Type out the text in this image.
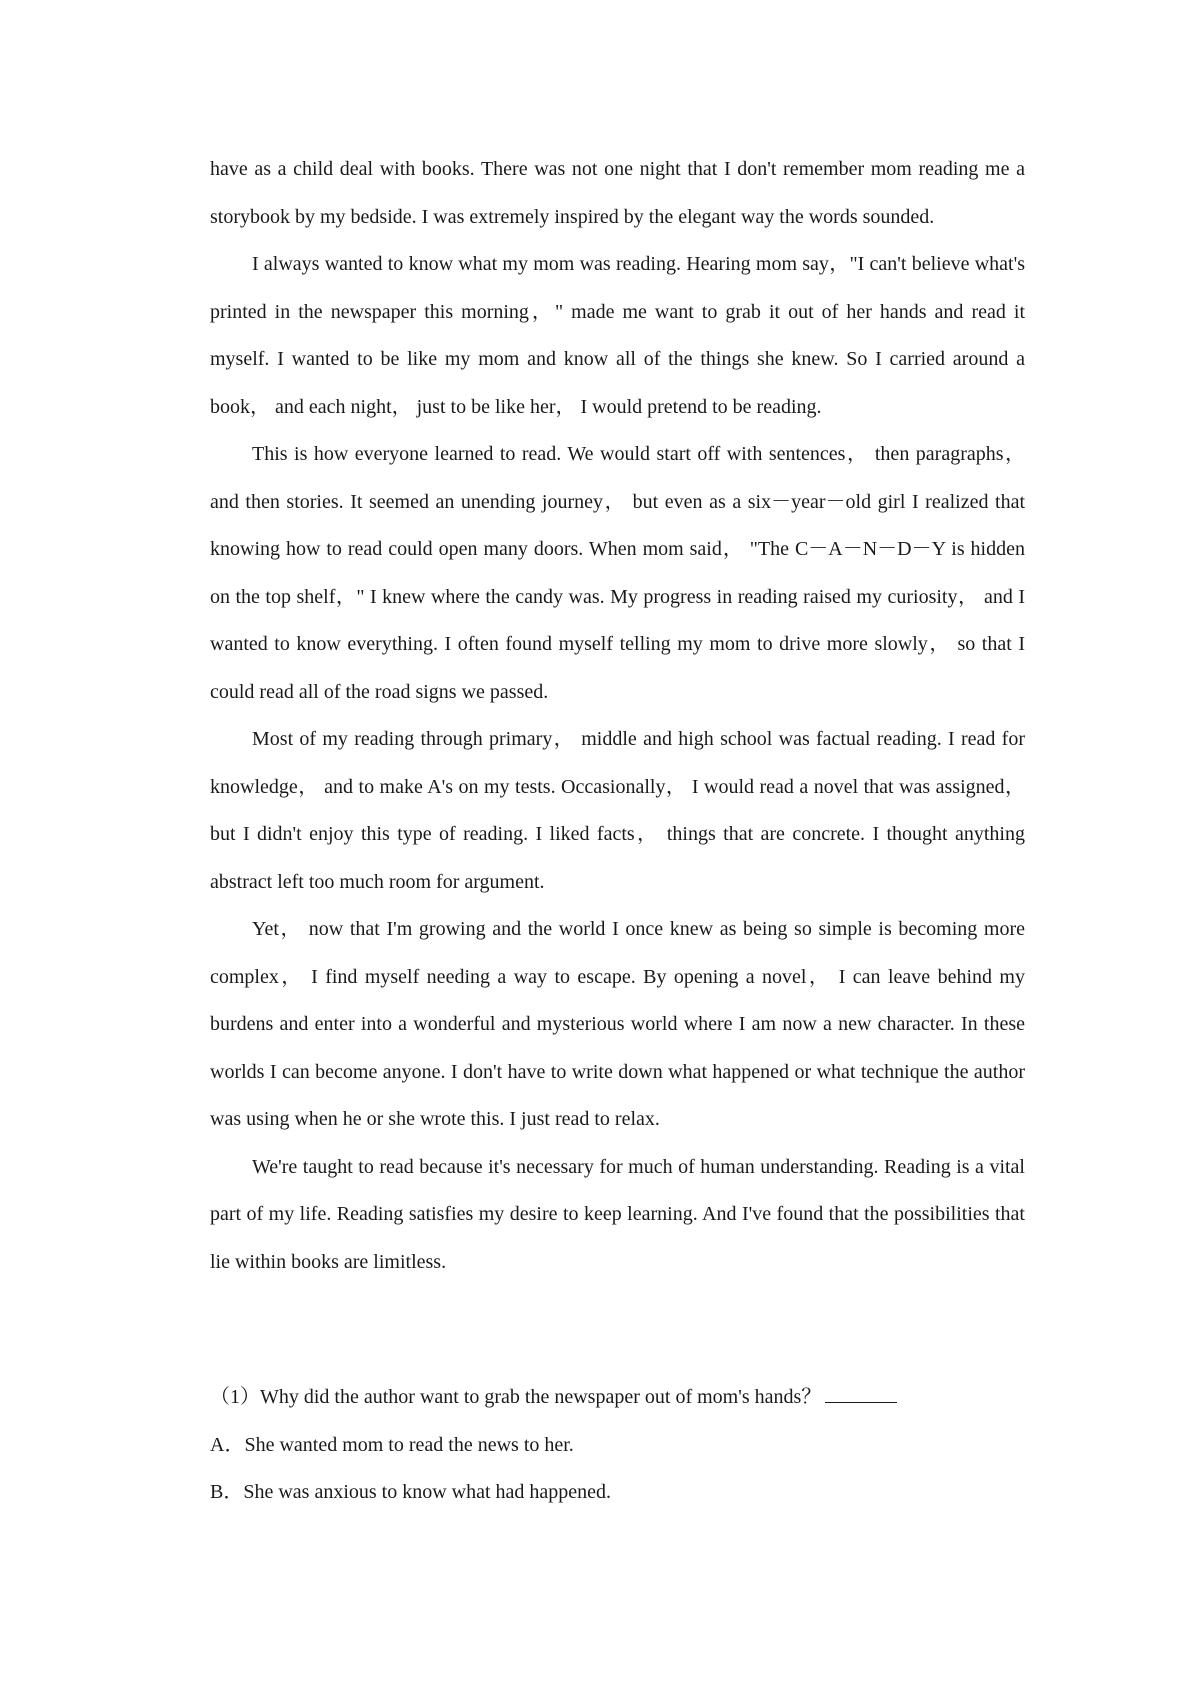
have as a child deal with books. There was not one night that I don't remember mom reading me a storybook by my bedside. I was extremely inspired by the elegant way the words sounded.

I always wanted to know what my mom was reading. Hearing mom say，"I can't believe what's printed in the newspaper this morning，" made me want to grab it out of her hands and read it myself. I wanted to be like my mom and know all of the things she knew. So I carried around a book， and each night， just to be like her， I would pretend to be reading.

This is how everyone learned to read. We would start off with sentences， then paragraphs， and then stories. It seemed an unending journey， but even as a six－year－old girl I realized that knowing how to read could open many doors. When mom said， "The C－A－N－D－Y is hidden on the top shelf，" I knew where the candy was. My progress in reading raised my curiosity， and I wanted to know everything. I often found myself telling my mom to drive more slowly， so that I could read all of the road signs we passed.

Most of my reading through primary， middle and high school was factual reading. I read for knowledge， and to make A's on my tests. Occasionally， I would read a novel that was assigned， but I didn't enjoy this type of reading. I liked facts， things that are concrete. I thought anything abstract left too much room for argument.

Yet， now that I'm growing and the world I once knew as being so simple is becoming more complex， I find myself needing a way to escape. By opening a novel， I can leave behind my burdens and enter into a wonderful and mysterious world where I am now a new character. In these worlds I can become anyone. I don't have to write down what happened or what technique the author was using when he or she wrote this. I just read to relax.

We're taught to read because it's necessary for much of human understanding. Reading is a vital part of my life. Reading satisfies my desire to keep learning. And I've found that the possibilities that lie within books are limitless.

（1）Why did the author want to grab the newspaper out of mom's hands？

A．She wanted mom to read the news to her.

B．She was anxious to know what had happened.
